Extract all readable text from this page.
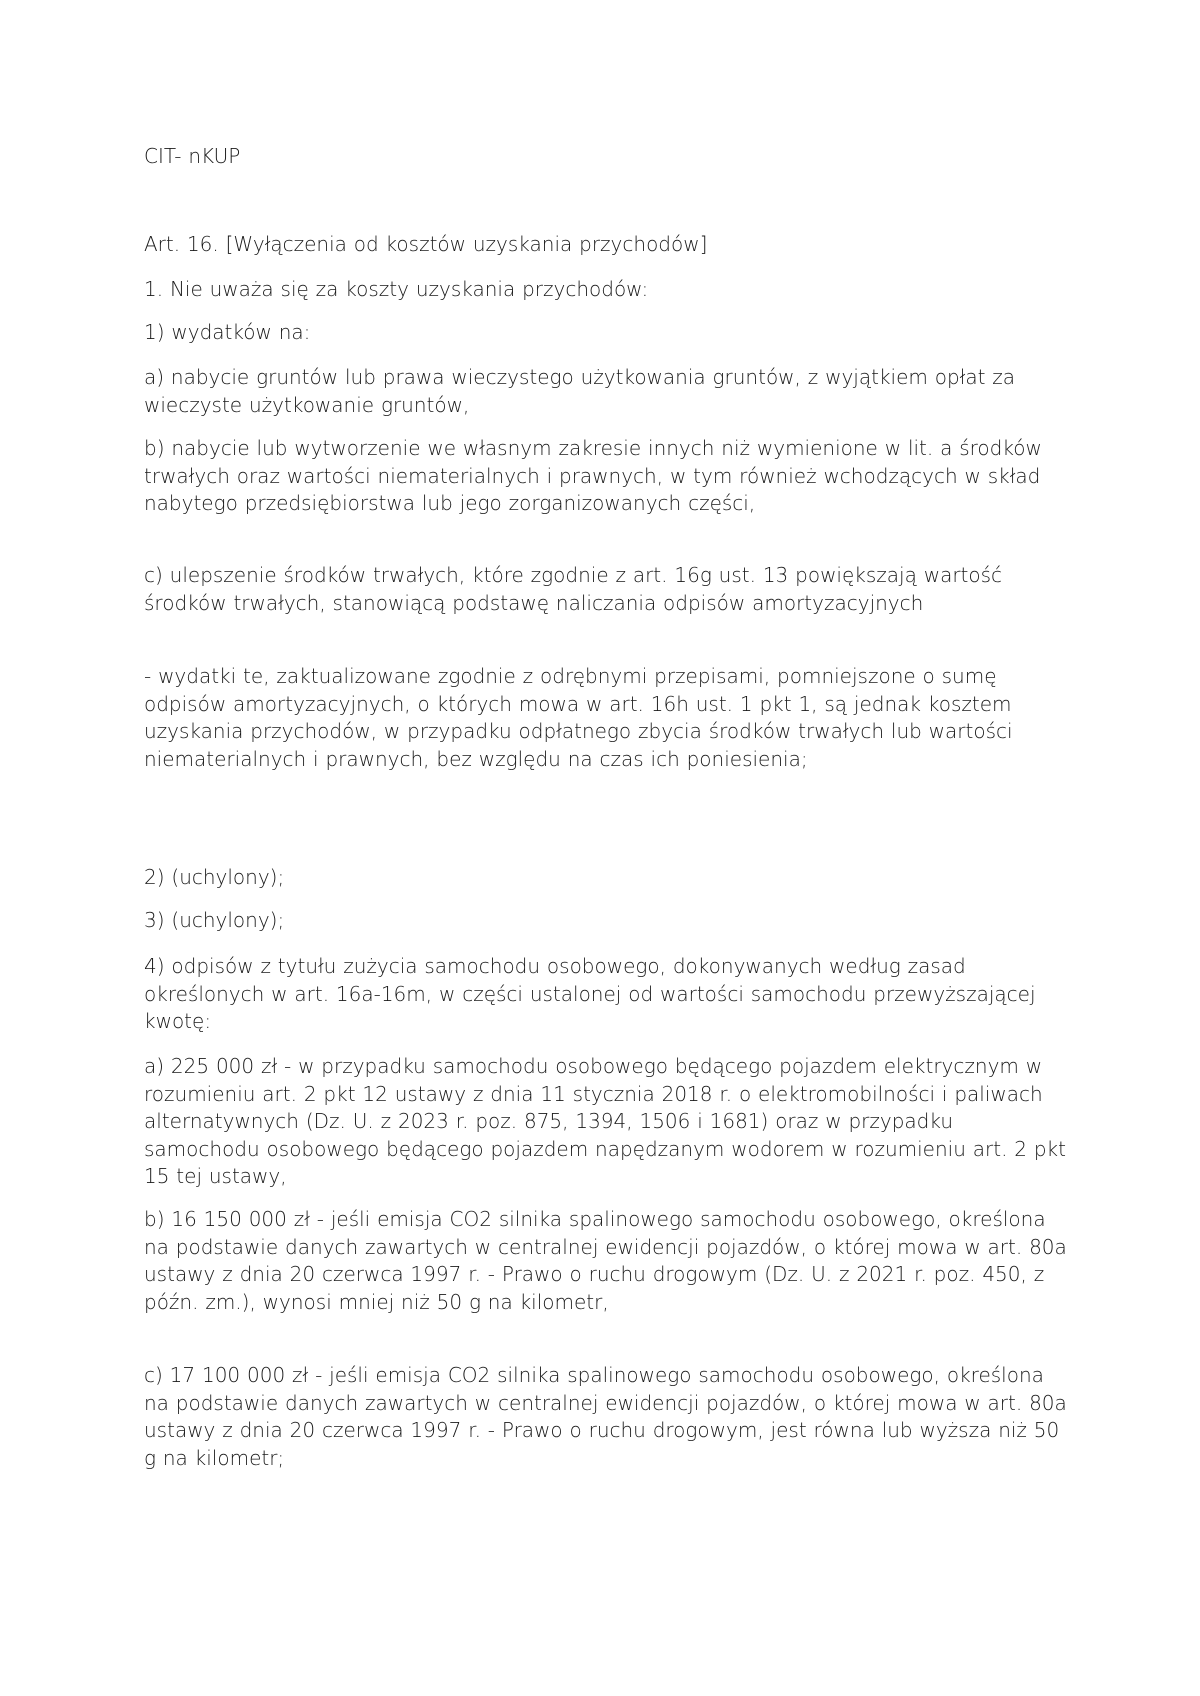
CIT- nKUP

Art. 16. [Wyłączenia od kosztów uzyskania przychodów]

1. Nie uważa się za koszty uzyskania przychodów:

1) wydatków na:

a) nabycie gruntów lub prawa wieczystego użytkowania gruntów, z wyjątkiem opłat za wieczyste użytkowanie gruntów,

b) nabycie lub wytworzenie we własnym zakresie innych niż wymienione w lit. a środków trwałych oraz wartości niematerialnych i prawnych, w tym również wchodzących w skład nabytego przedsiębiorstwa lub jego zorganizowanych części,

c) ulepszenie środków trwałych, które zgodnie z art. 16g ust. 13 powiększają wartość środków trwałych, stanowiącą podstawę naliczania odpisów amortyzacyjnych

- wydatki te, zaktualizowane zgodnie z odrębnymi przepisami, pomniejszone o sumę odpisów amortyzacyjnych, o których mowa w art. 16h ust. 1 pkt 1, są jednak kosztem uzyskania przychodów, w przypadku odpłatnego zbycia środków trwałych lub wartości niematerialnych i prawnych, bez względu na czas ich poniesienia;

2) (uchylony);

3) (uchylony);

4) odpisów z tytułu zużycia samochodu osobowego, dokonywanych według zasad określonych w art. 16a-16m, w części ustalonej od wartości samochodu przewyższającej kwotę:

a) 225 000 zł - w przypadku samochodu osobowego będącego pojazdem elektrycznym w rozumieniu art. 2 pkt 12 ustawy z dnia 11 stycznia 2018 r. o elektromobilności i paliwach alternatywnych (Dz. U. z 2023 r. poz. 875, 1394, 1506 i 1681) oraz w przypadku samochodu osobowego będącego pojazdem napędzanym wodorem w rozumieniu art. 2 pkt 15 tej ustawy,

b) 16 150 000 zł - jeśli emisja CO2 silnika spalinowego samochodu osobowego, określona na podstawie danych zawartych w centralnej ewidencji pojazdów, o której mowa w art. 80a ustawy z dnia 20 czerwca 1997 r. - Prawo o ruchu drogowym (Dz. U. z 2021 r. poz. 450, z późn. zm.), wynosi mniej niż 50 g na kilometr,

c) 17 100 000 zł - jeśli emisja CO2 silnika spalinowego samochodu osobowego, określona na podstawie danych zawartych w centralnej ewidencji pojazdów, o której mowa w art. 80a ustawy z dnia 20 czerwca 1997 r. - Prawo o ruchu drogowym, jest równa lub wyższa niż 50 g na kilometr;
